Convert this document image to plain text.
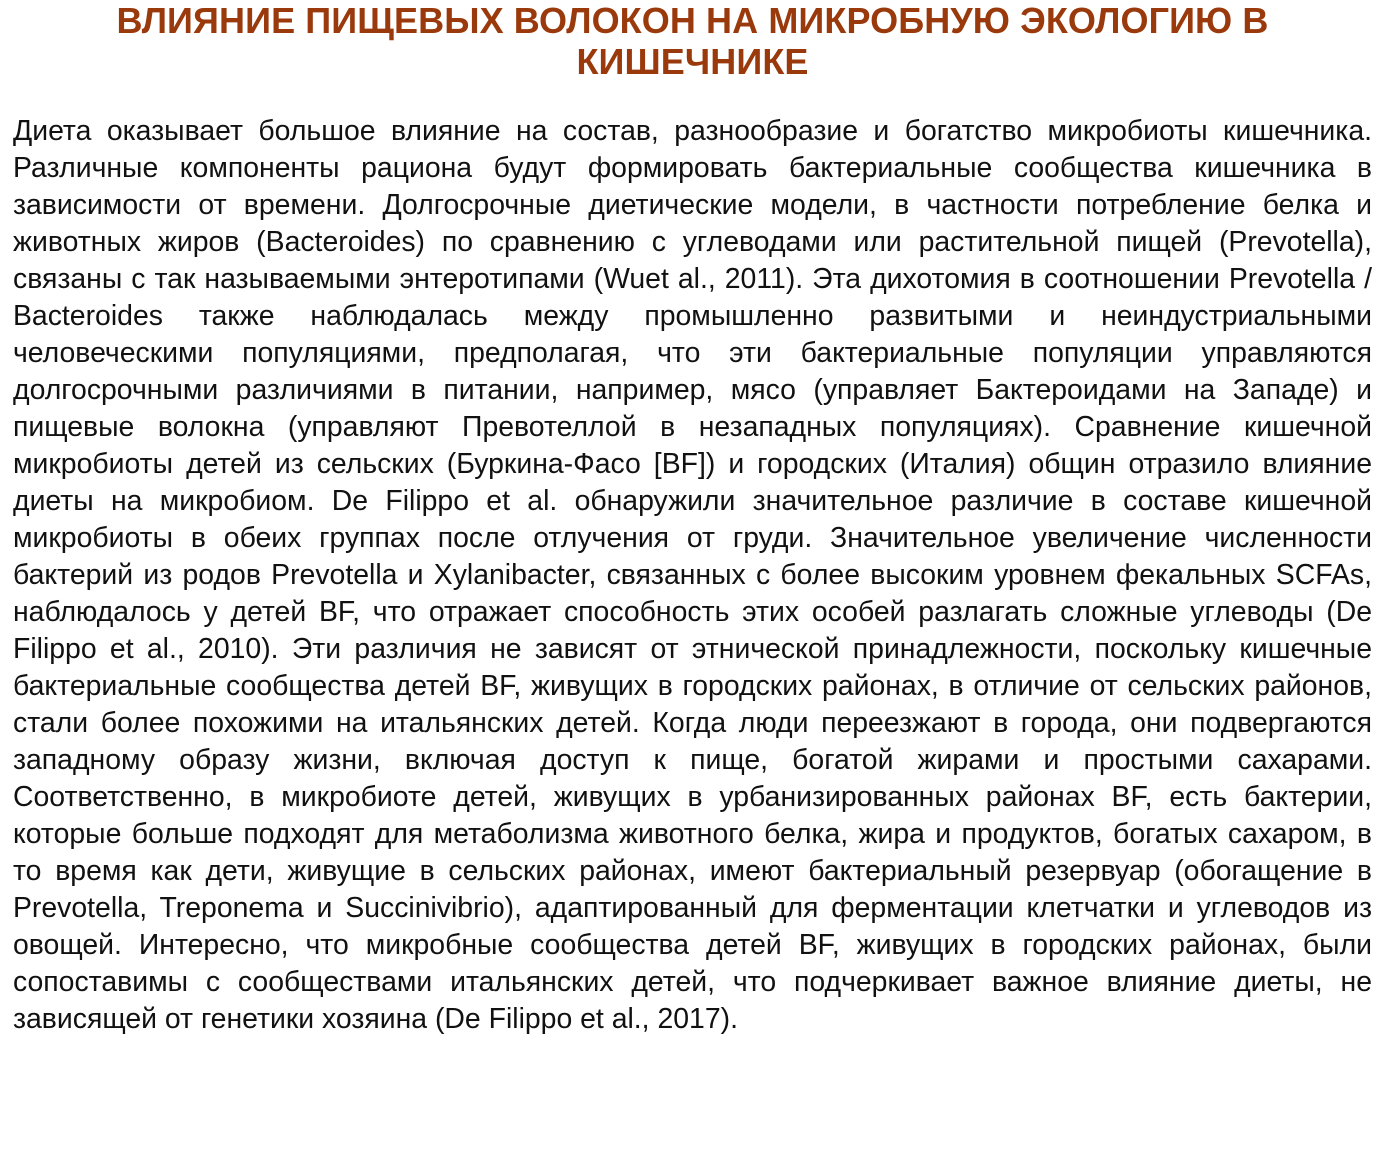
ВЛИЯНИЕ ПИЩЕВЫХ ВОЛОКОН НА МИКРОБНУЮ ЭКОЛОГИЮ В КИШЕЧНИКЕ

Диета оказывает большое влияние на состав, разнообразие и богатство микробиоты кишечника. Различные компоненты рациона будут формировать бактериальные сообщества кишечника в зависимости от времени. Долгосрочные диетические модели, в частности потребление белка и животных жиров (Bacteroides) по сравнению с углеводами или растительной пищей (Prevotella), связаны с так называемыми энтеротипами (Wuet al., 2011). Эта дихотомия в соотношении Prevotella / Bacteroides также наблюдалась между промышленно развитыми и неиндустриальными человеческими популяциями, предполагая, что эти бактериальные популяции управляются долгосрочными различиями в питании, например, мясо (управляет Бактероидами на Западе) и пищевые волокна (управляют Превотеллой в незападных популяциях). Сравнение кишечной микробиоты детей из сельских (Буркина-Фасо [BF]) и городских (Италия) общин отразило влияние диеты на микробиом. De Filippo et al. обнаружили значительное различие в составе кишечной микробиоты в обеих группах после отлучения от груди. Значительное увеличение численности бактерий из родов Prevotella и Xylanibacter, связанных с более высоким уровнем фекальных SCFAs, наблюдалось у детей BF, что отражает способность этих особей разлагать сложные углеводы (De Filippo et al., 2010). Эти различия не зависят от этнической принадлежности, поскольку кишечные бактериальные сообщества детей BF, живущих в городских районах, в отличие от сельских районов, стали более похожими на итальянских детей. Когда люди переезжают в города, они подвергаются западному образу жизни, включая доступ к пище, богатой жирами и простыми сахарами. Соответственно, в микробиоте детей, живущих в урбанизированных районах BF, есть бактерии, которые больше подходят для метаболизма животного белка, жира и продуктов, богатых сахаром, в то время как дети, живущие в сельских районах, имеют бактериальный резервуар (обогащение в Prevotella, Treponema и Succinivibrio), адаптированный для ферментации клетчатки и углеводов из овощей. Интересно, что микробные сообщества детей BF, живущих в городских районах, были сопоставимы с сообществами итальянских детей, что подчеркивает важное влияние диеты, не зависящей от генетики хозяина (De Filippo et al., 2017).
